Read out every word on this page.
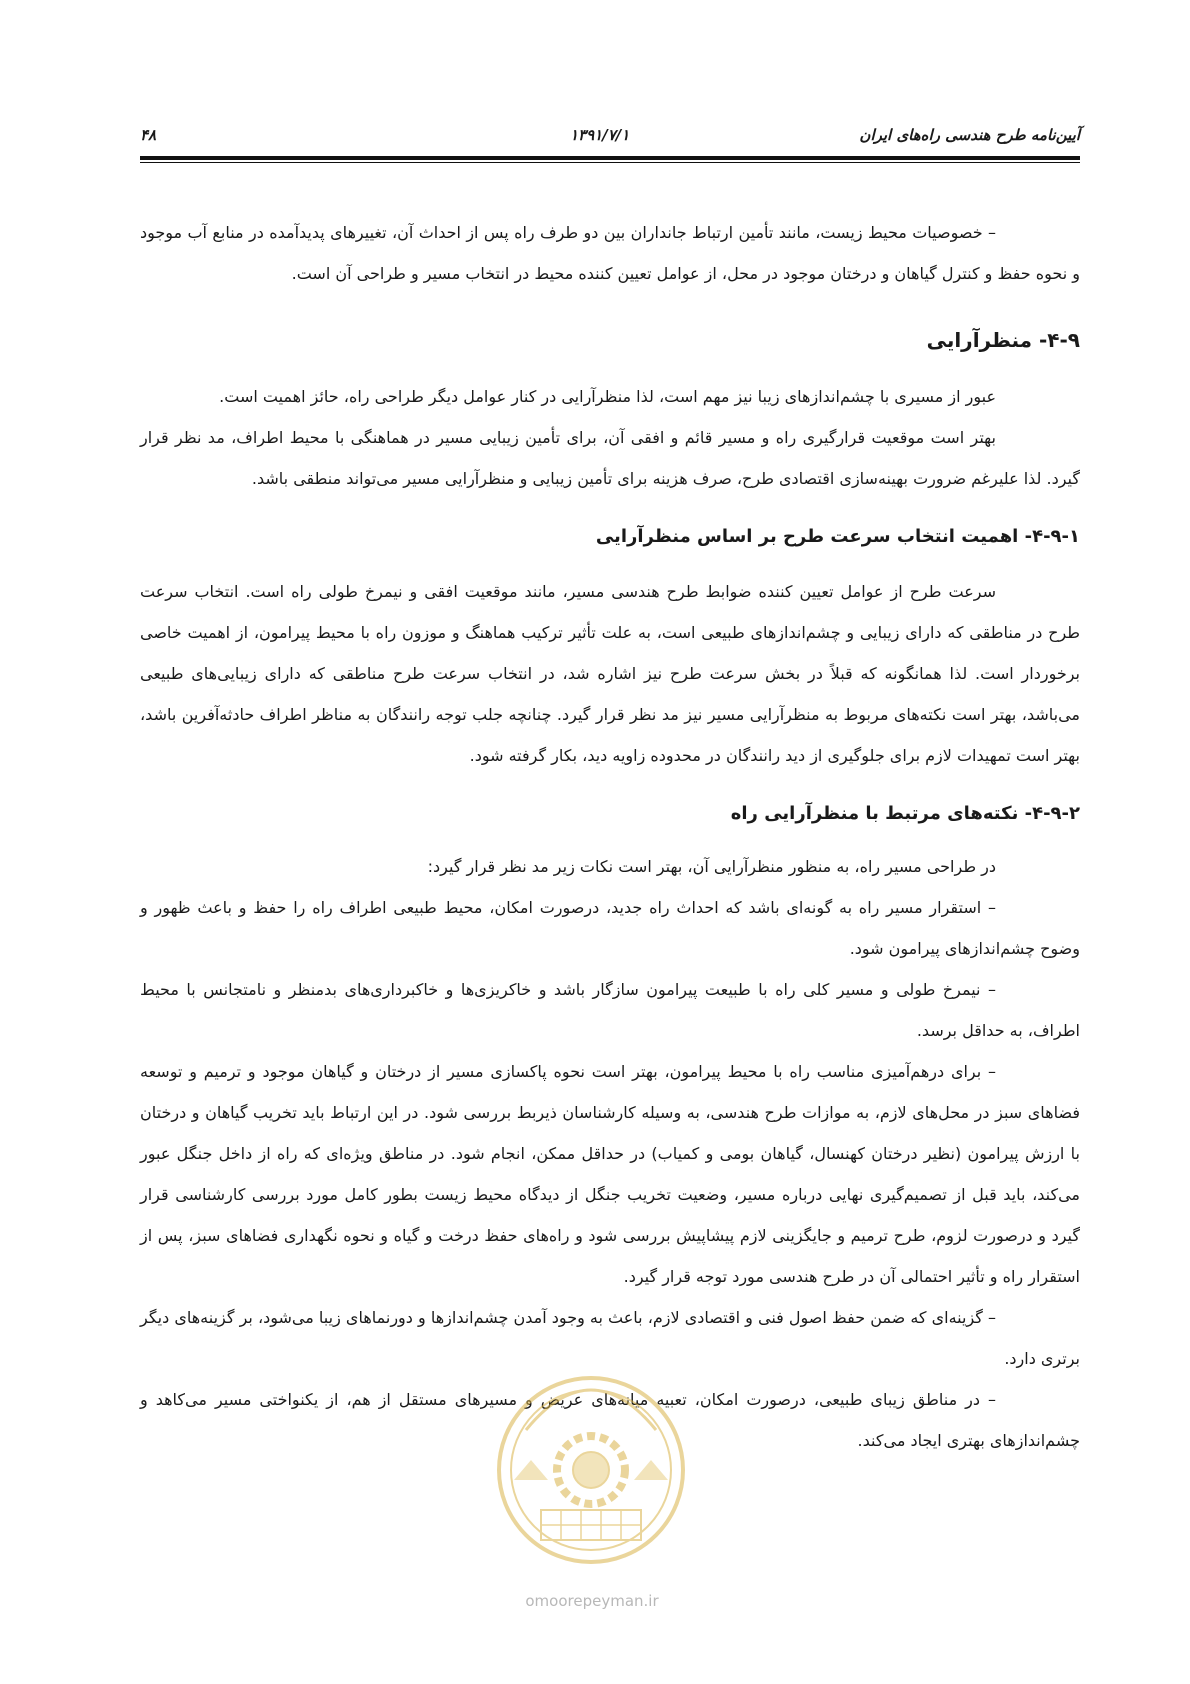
آیین‌نامه طرح هندسی راه‌های ایران
۱۳۹۱/۷/۱
۴۸

– خصوصیات محیط زیست، مانند تأمین ارتباط جانداران بین دو طرف راه پس از احداث آن، تغییرهای پدیدآمده در منابع آب موجود و نحوه حفظ و کنترل گیاهان و درختان موجود در محل، از عوامل تعیین کننده محیط در انتخاب مسیر و طراحی آن است.

۴-۹- منظرآرایی

عبور از مسیری با چشم‌اندازهای زیبا نیز مهم است، لذا منظرآرایی در کنار عوامل دیگر طراحی راه، حائز اهمیت است.

بهتر است موقعیت قرارگیری راه و مسیر قائم و افقی آن، برای تأمین زیبایی مسیر در هماهنگی با محیط اطراف، مد نظر قرار گیرد. لذا علیرغم ضرورت بهینه‌سازی اقتصادی طرح، صرف هزینه برای تأمین زیبایی و منظرآرایی مسیر می‌تواند منطقی باشد.

۴-۹-۱- اهمیت انتخاب سرعت طرح بر اساس منظرآرایی

سرعت طرح از عوامل تعیین کننده ضوابط طرح هندسی مسیر، مانند موقعیت افقی و نیمرخ طولی راه است. انتخاب سرعت طرح در مناطقی که دارای زیبایی و چشم‌اندازهای طبیعی است، به علت تأثیر ترکیب هماهنگ و موزون راه با محیط پیرامون، از اهمیت خاصی برخوردار است. لذا همانگونه که قبلاً در بخش سرعت طرح نیز اشاره شد، در انتخاب سرعت طرح مناطقی که دارای زیبایی‌های طبیعی می‌باشد، بهتر است نکته‌های مربوط به منظرآرایی مسیر نیز مد نظر قرار گیرد. چنانچه جلب توجه رانندگان به مناظر اطراف حادثه‌آفرین باشد، بهتر است تمهیدات لازم برای جلوگیری از دید رانندگان در محدوده زاویه دید، بکار گرفته شود.

۴-۹-۲- نکته‌های مرتبط با منظرآرایی راه

در طراحی مسیر راه، به منظور منظرآرایی آن، بهتر است نکات زیر مد نظر قرار گیرد:

– استقرار مسیر راه به گونه‌ای باشد که احداث راه جدید، درصورت امکان، محیط طبیعی اطراف راه را حفظ و باعث ظهور و وضوح چشم‌اندازهای پیرامون شود.

– نیمرخ طولی و مسیر کلی راه با طبیعت پیرامون سازگار باشد و خاکریزی‌ها و خاکبرداری‌های بدمنظر و نامتجانس با محیط اطراف، به حداقل برسد.

– برای درهم‌آمیزی مناسب راه با محیط پیرامون، بهتر است نحوه پاکسازی مسیر از درختان و گیاهان موجود و ترمیم و توسعه فضاهای سبز در محل‌های لازم، به موازات طرح هندسی، به وسیله کارشناسان ذیربط بررسی شود. در این ارتباط باید تخریب گیاهان و درختان با ارزش پیرامون (نظیر درختان کهنسال، گیاهان بومی و کمیاب) در حداقل ممکن، انجام شود. در مناطق ویژه‌ای که راه از داخل جنگل عبور می‌کند، باید قبل از تصمیم‌گیری نهایی درباره مسیر، وضعیت تخریب جنگل از دیدگاه محیط زیست بطور کامل مورد بررسی کارشناسی قرار گیرد و درصورت لزوم، طرح ترمیم و جایگزینی لازم پیشاپیش بررسی شود و راه‌های حفظ درخت و گیاه و نحوه نگهداری فضاهای سبز، پس از استقرار راه و تأثیر احتمالی آن در طرح هندسی مورد توجه قرار گیرد.

– گزینه‌ای که ضمن حفظ اصول فنی و اقتصادی لازم، باعث به وجود آمدن چشم‌اندازها و دورنماهای زیبا می‌شود، بر گزینه‌های دیگر برتری دارد.

– در مناطق زیبای طبیعی، درصورت امکان، تعبیه میانه‌های عریض و مسیرهای مستقل از هم، از یکنواختی مسیر می‌کاهد و چشم‌اندازهای بهتری ایجاد می‌کند.

omoorepeyman.ir
